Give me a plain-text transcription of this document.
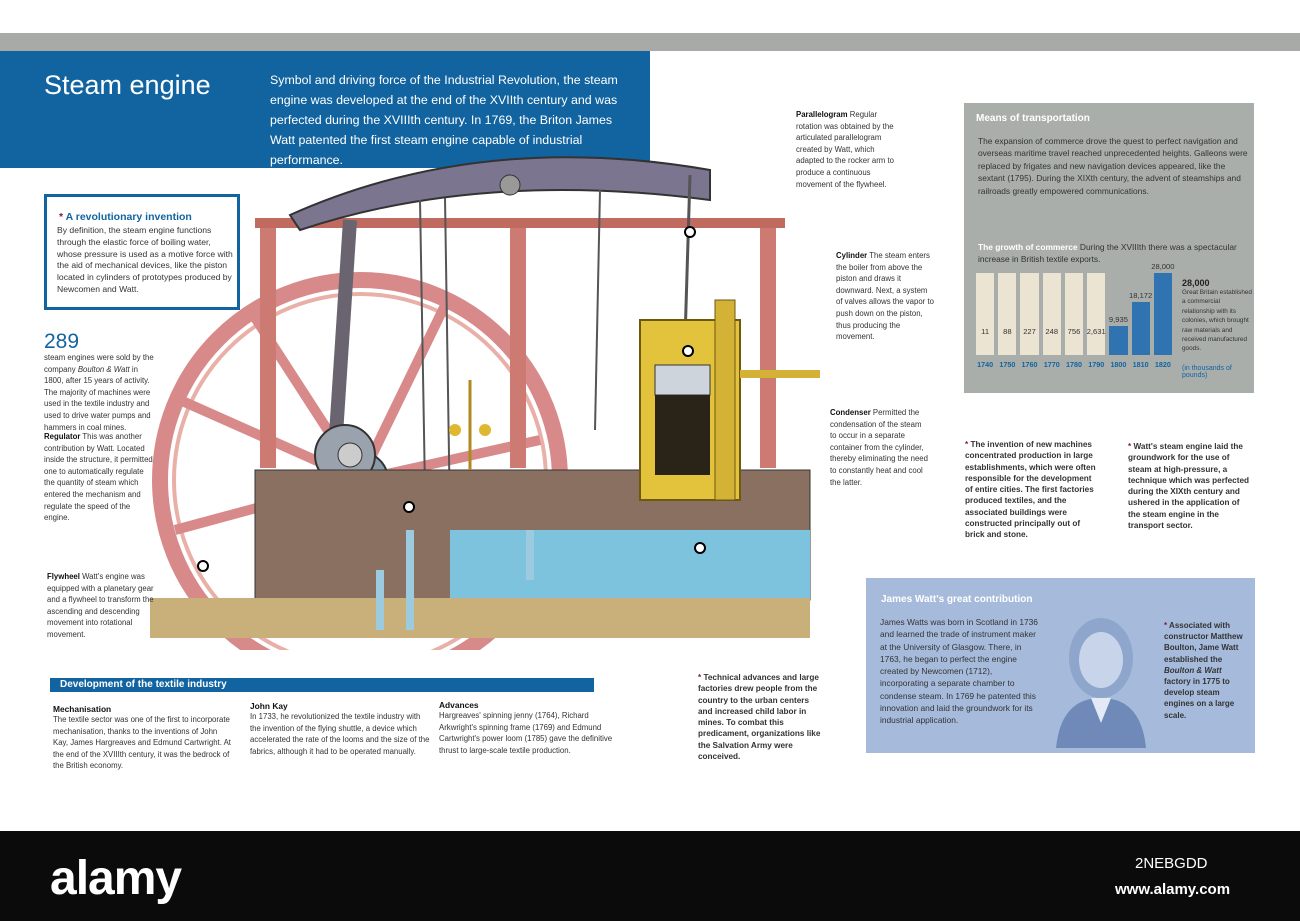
Steam engine	Symbol and driving force of the Industrial Revolution, the steam engine was developed at the end of the XVIIth century and was perfected during the XVIIIth century. In 1769, the Briton James Watt patented the first steam engine capable of industrial performance.
* A revolutionary invention
By definition, the steam engine functions through the elastic force of boiling water, whose pressure is used as a motive force with the aid of mechanical devices, like the piston located in cylinders of prototypes produced by Newcomen and Watt.
289
steam engines were sold by the company Boulton & Watt in 1800, after 15 years of activity. The majority of machines were used in the textile industry and used to drive water pumps and hammers in coal mines.
Regulator This was another contribution by Watt. Located inside the structure, it permitted one to automatically regulate the quantity of steam which entered the mechanism and regulate the speed of the engine.
Flywheel Watt's engine was equipped with a planetary gear and a flywheel to transform the ascending and descending movement into rotational movement.
Parallelogram Regular rotation was obtained by the articulated parallelogram created by Watt, which adapted to the rocker arm to produce a continuous movement of the flywheel.
Cylinder The steam enters the boiler from above the piston and draws it downward. Next, a system of valves allows the vapor to push down on the piston, thus producing the movement.
Condenser Permitted the condensation of the steam to occur in a separate container from the cylinder, thereby eliminating the need to constantly heat and cool the latter.
Development of the textile industry
Mechanisation
The textile sector was one of the first to incorporate mechanisation, thanks to the inventions of John Kay, James Hargreaves and Edmund Cartwright. At the end of the XVIIIth century, it was the bedrock of the British economy.
John Kay
In 1733, he revolutionized the textile industry with the invention of the flying shuttle, a device which accelerated the rate of the looms and the size of the fabrics, although it had to be operated manually.
Advances
Hargreaves' spinning jenny (1764), Richard Arkwright's spinning frame (1769) and Edmund Cartwright's power loom (1785) gave the definitive thrust to large-scale textile production.
* Technical advances and large factories drew people from the country to the urban centers and increased child labor in mines. To combat this predicament, organizations like the Salvation Army were conceived.
* The invention of new machines concentrated production in large establishments, which were often responsible for the development of entire cities. The first factories produced textiles, and the associated buildings were constructed principally out of brick and stone.
* Watt's steam engine laid the groundwork for the use of steam at high-pressure, a technique which was perfected during the XIXth century and ushered in the application of the steam engine in the transport sector.
Means of transportation
The expansion of commerce drove the quest to perfect navigation and overseas maritime travel reached unprecedented heights. Galleons were replaced by frigates and new navigation devices appeared, like the sextant (1795). During the XIXth century, the advent of steamships and railroads greatly empowered communications.
The growth of commerce During the XVIIIth there was a spectacular increase in British textile exports.
11
1740
88
1750
227
1760
248
1770
756
1780
2,631
1790
9,935
1800
18,172
1810
28,000
1820
28,000
Great Britain established a commercial relationship with its colonies, which brought raw materials and received manufactured goods.
(in thousands of pounds)
James Watt's great contribution
James Watts was born in Scotland in 1736 and learned the trade of instrument maker at the University of Glasgow. There, in 1763, he began to perfect the engine created by Newcomen (1712), incorporating a separate chamber to condense steam. In 1769 he patented this innovation and laid the groundwork for its industrial application.
* Associated with constructor Matthew Boulton, Jame Watt established the Boulton & Watt factory in 1775 to develop steam engines on a large scale.
alamy	2NEBGDD
www.alamy.com
